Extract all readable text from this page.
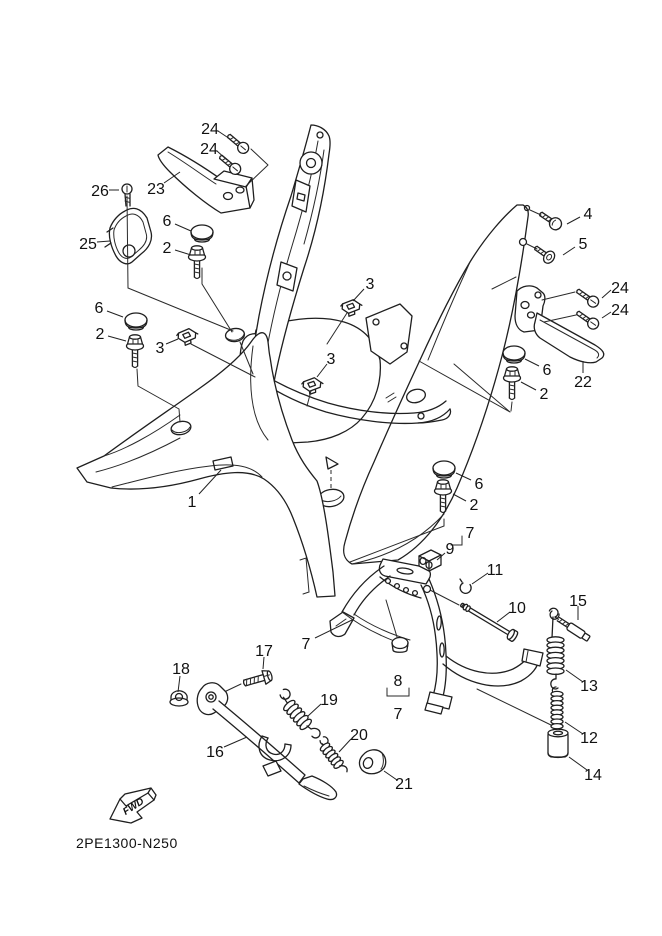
FWD
2PE1300-N250
24
24
26 23
25
6
2
4
5
24
24
6
2
3
3
3
22
6
2
6
2
1
7
9
11
10	15
13
7
17
18
8
7
19
16
12
20
14
21
